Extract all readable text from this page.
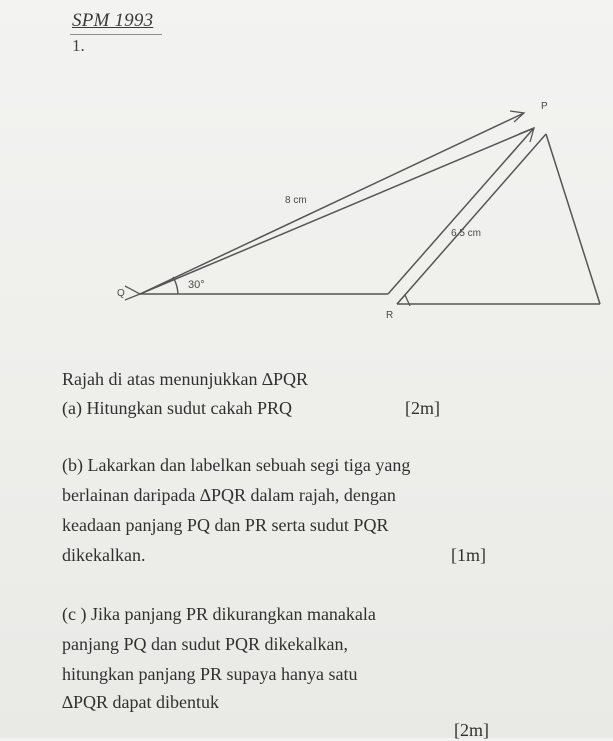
SPM 1993
1.
P
Q
R
8 cm
6.5 cm
30°
Rajah di atas menunjukkan ∆PQR
(a) Hitungkan sudut cakah PRQ	[2m]
(b) Lakarkan dan labelkan sebuah segi tiga yang
berlainan daripada ∆PQR dalam rajah, dengan
keadaan panjang PQ dan PR serta sudut PQR
dikekalkan.	[1m]
(c ) Jika panjang PR dikurangkan manakala
panjang PQ dan sudut PQR dikekalkan,
hitungkan panjang PR supaya hanya satu
∆PQR dapat dibentuk
[2m]
